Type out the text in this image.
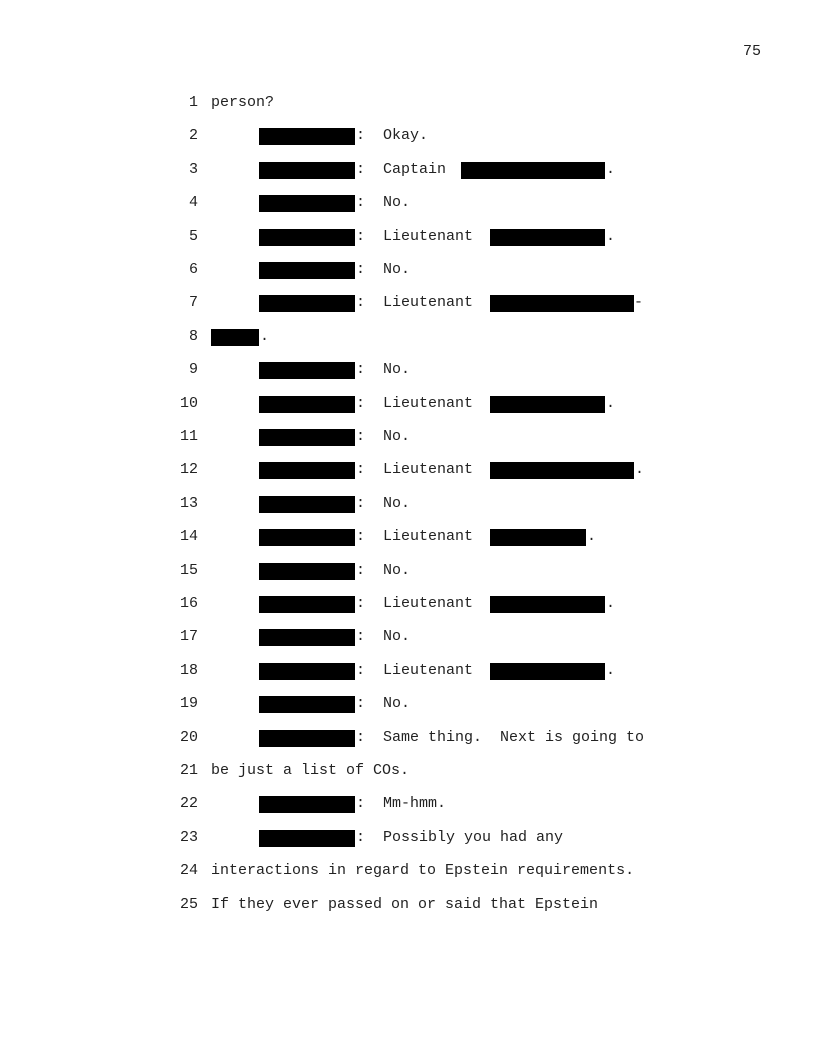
75
1 person?
2	:  Okay.
3	:  Captain	.
4	:  No.
5	:  Lieutenant	.
6	:  No.
7	:  Lieutenant	-
8	.
9	:  No.
10	:  Lieutenant	.
11	:  No.
12	:  Lieutenant	.
13	:  No.
14	:  Lieutenant	.
15	:  No.
16	:  Lieutenant	.
17	:  No.
18	:  Lieutenant	.
19	:  No.
20	:  Same thing.  Next is going to
21 be just a list of COs.
22	:  Mm-hmm.
23	:  Possibly you had any
24 interactions in regard to Epstein requirements.
25 If they ever passed on or said that Epstein
